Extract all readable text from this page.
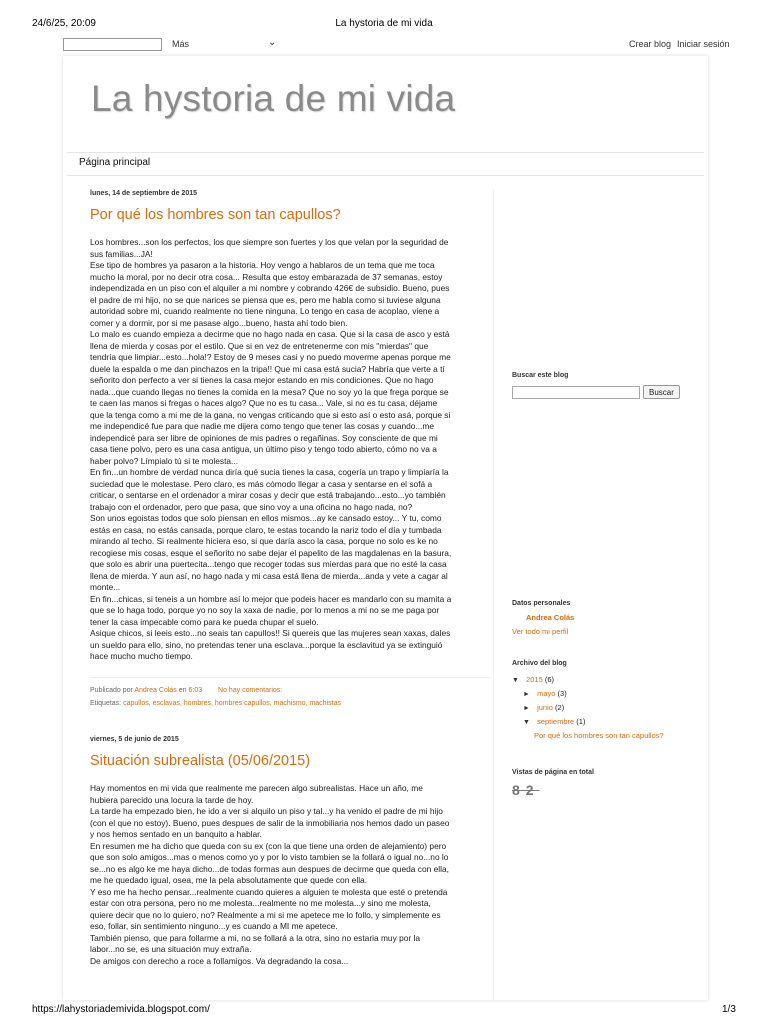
24/6/25, 20:09	La hystoria de mi vida
Más	⌄	Crear blog Iniciar sesión
La hystoria de mi vida
Página principal
lunes, 14 de septiembre de 2015
Por qué los hombres son tan capullos?
Los hombres...son los perfectos, los que siempre son fuertes y los que velan por la seguridad de
sus familias...JA!
Ese tipo de hombres ya pasaron a la historia. Hoy vengo a hablaros de un tema que me toca
mucho la moral, por no decir otra cosa... Resulta que estoy embarazada de 37 semanas, estoy
independizada en un piso con el alquiler a mi nombre y cobrando 426€ de subsidio. Bueno, pues
el padre de mi hijo, no se que narices se piensa que es, pero me habla como si tuviese alguna
autoridad sobre mi, cuando realmente no tiene ninguna. Lo tengo en casa de acoplao, viene a
comer y a dormir, por si me pasase algo...bueno, hasta ahí todo bien.
Lo malo es cuando empieza a decirme que no hago nada en casa. Que si la casa de asco y está
llena de mierda y cosas por el estilo. Que si en vez de entretenerme con mis "mierdas" que
tendría que limpiar...esto...hola!? Estoy de 9 meses casi y no puedo moverme apenas porque me
duele la espalda o me dan pinchazos en la tripa!! Que mi casa está sucia? Habría que verte a tí
señorito don perfecto a ver si tienes la casa mejor estando en mis condiciones. Que no hago
nada...que cuando llegas no tienes la comida en la mesa? Que no soy yo la que frega porque se
te caen las manos si fregas o haces algo? Que no es tu casa... Vale, si no es tu casa, déjame
que la tenga como a mi me de la gana, no vengas criticando que si esto así o esto asá, porque si
me independicé fue para que nadie me dijera como tengo que tener las cosas y cuando...me
independicé para ser libre de opiniones de mis padres o regañinas. Soy consciente de que mi
casa tiene polvo, pero es una casa antigua, un último piso y tengo todo abierto, cómo no va a
haber polvo? Límpialo tú si te molesta...
En fin...un hombre de verdad nunca diría qué sucia tienes la casa, cogería un trapo y limpiaría la
suciedad que le molestase. Pero claro, es más cómodo llegar a casa y sentarse en el sofá a
criticar, o sentarse en el ordenador a mirar cosas y decir que está trabajando...esto...yo también
trabajo con el ordenador, pero que pasa, que sino voy a una oficina no hago nada, no?
Son unos egoistas todos que solo piensan en ellos mismos...ay ke cansado estoy... Y tu, como
estás en casa, no estás cansada, porque claro, te estas tocando la nariz todo el día y tumbada
mirando al techo. Si realmente hiciera eso, si que daría asco la casa, porque no solo es ke no
recogiese mis cosas, esque el señorito no sabe dejar el papelito de las magdalenas en la basura,
que solo es abrir una puertecita...tengo que recoger todas sus mierdas para que no esté la casa
llena de mierda. Y aun así, no hago nada y mi casa está llena de mierda...anda y vete a cagar al
monte...
En fin...chicas, si teneis a un hombre así lo mejor que podeis hacer es mandarlo con su mamita a
que se lo haga todo, porque yo no soy la xaxa de nadie, por lo menos a mi no se me paga por
tener la casa impecable como para ke pueda chupar el suelo.
Asique chicos, si leeis esto...no seais tan capullos!! Si quereis que las mujeres sean xaxas, dales
un sueldo para ello, sino, no pretendas tener una esclava...porque la esclavitud ya se extinguió
hace mucho mucho tiempo.
Publicado por Andrea Colás en 6:03 No hay comentarios:
Etiquetas: capullos, esclavas, hombres, hombres capullos, machismo, machistas
viernes, 5 de junio de 2015
Situación subrealista (05/06/2015)
Hay momentos en mi vida que realmente me parecen algo subrealistas. Hace un año, me
hubiera parecido una locura la tarde de hoy.
La tarde ha empezado bien, he ido a ver si alquilo un piso y tal...y ha venido el padre de mi hijo
(con el que no estoy). Bueno, pues despues de salir de la inmobiliaria nos hemos dado un paseo
y nos hemos sentado en un banquito a hablar.
En resumen me ha dicho que queda con su ex (con la que tiene una orden de alejamiento) pero
que son solo amigos...mas o menos como yo y por lo visto tambien se la follará o igual no...no lo
se...no es algo ke me haya dicho...de todas formas aun despues de decirme que queda con ella,
me he quedado igual, osea, me la pela absolutamente que quede con ella.
Y eso me ha hecho pensar...realmente cuando quieres a alguien te molesta que esté o pretenda
estar con otra persona, pero no me molesta...realmente no me molesta...y sino me molesta,
quiere decir que no lo quiero, no? Realmente a mi si me apetece me lo follo, y simplemente es
eso, follar, sin sentimiento ninguno...y es cuando a MI me apetece.
También pienso, que para follarme a mi, no se follará a la otra, sino no estaria muy por la
labor...no se, es una situación muy extraña.
De amigos con derecho a roce a follamigos. Va degradando la cosa...
Buscar este blog
Buscar
Datos personales
Andrea Colás
Ver todo mi perfil
Archivo del blog
▼ 2015 (6)
► mayo (3)
► junio (2)
▼ septiembre (1)
Por qué los hombres son tan capullos?
Vistas de página en total
82
https://lahystoriademivida.blogspot.com/	1/3
